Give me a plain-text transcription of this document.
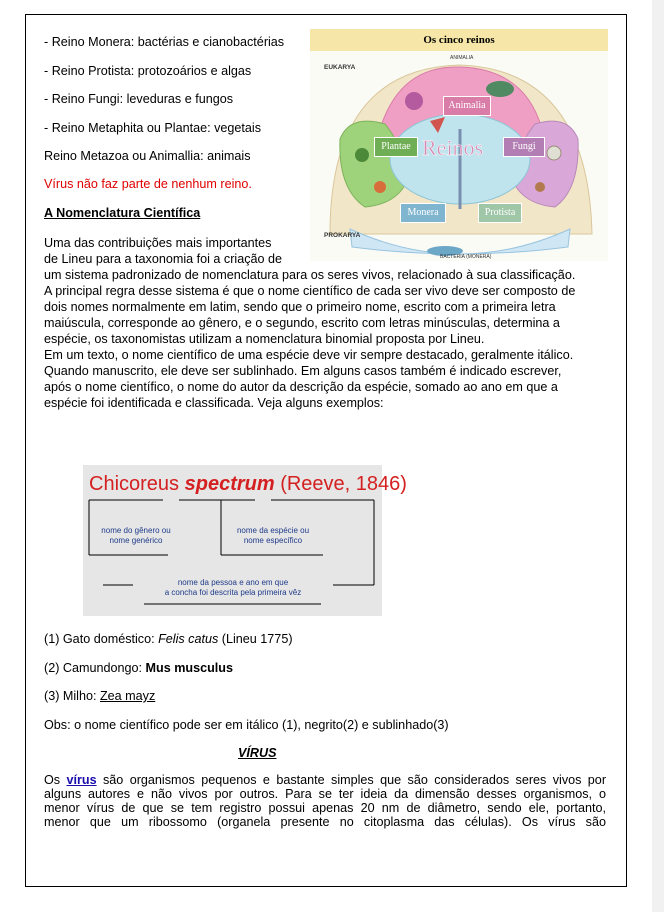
- Reino Monera: bactérias e cianobactérias

- Reino Protista: protozoários e algas

- Reino Fungi: leveduras e fungos

- Reino Metaphita ou Plantae: vegetais

Reino Metazoa ou Animallia: animais

Vírus não faz parte de nenhum reino.

A Nomenclatura Científica

Os cinco reinos
EUKARYA
PROKARYA
ANIMALIA
BACTERIA (MONERA)
Reinos
Animalia
Plantae	Fungi
Monera	Protista

Uma das contribuições mais importantes
de Lineu para a taxonomia foi a criação de

um sistema padronizado de nomenclatura para os seres vivos, relacionado à sua classificação.
A principal regra desse sistema é que o nome científico de cada ser vivo deve ser composto de
dois nomes normalmente em latim, sendo que o primeiro nome, escrito com a primeira letra
maiúscula, corresponde ao gênero, e o segundo, escrito com letras minúsculas, determina a
espécie, os taxonomistas utilizam a nomenclatura binomial proposta por Lineu.
Em um texto, o nome científico de uma espécie deve vir sempre destacado, geralmente itálico.
Quando manuscrito, ele deve ser sublinhado. Em alguns casos também é indicado escrever,
após o nome científico, o nome do autor da descrição da espécie, somado ao ano em que a
espécie foi identificada e classificada. Veja alguns exemplos:

Chicoreus spectrum (Reeve, 1846)
nome do gênero ou
nome genérico
nome da espécie ou
nome específico
nome da pessoa e ano em que
a concha foi descrita pela primeira vêz

(1) Gato doméstico: Felis catus (Lineu 1775)

(2) Camundongo: Mus musculus

(3) Milho: Zea mayz

Obs: o nome científico pode ser em itálico (1), negrito(2) e sublinhado(3)

VÍRUS

Os vírus são organismos pequenos e bastante simples que são considerados seres vivos por
alguns autores e não vivos por outros. Para se ter ideia da dimensão desses organismos, o
menor vírus de que se tem registro possui apenas 20 nm de diâmetro, sendo ele, portanto,
menor que um ribossomo (organela presente no citoplasma das células). Os vírus são
